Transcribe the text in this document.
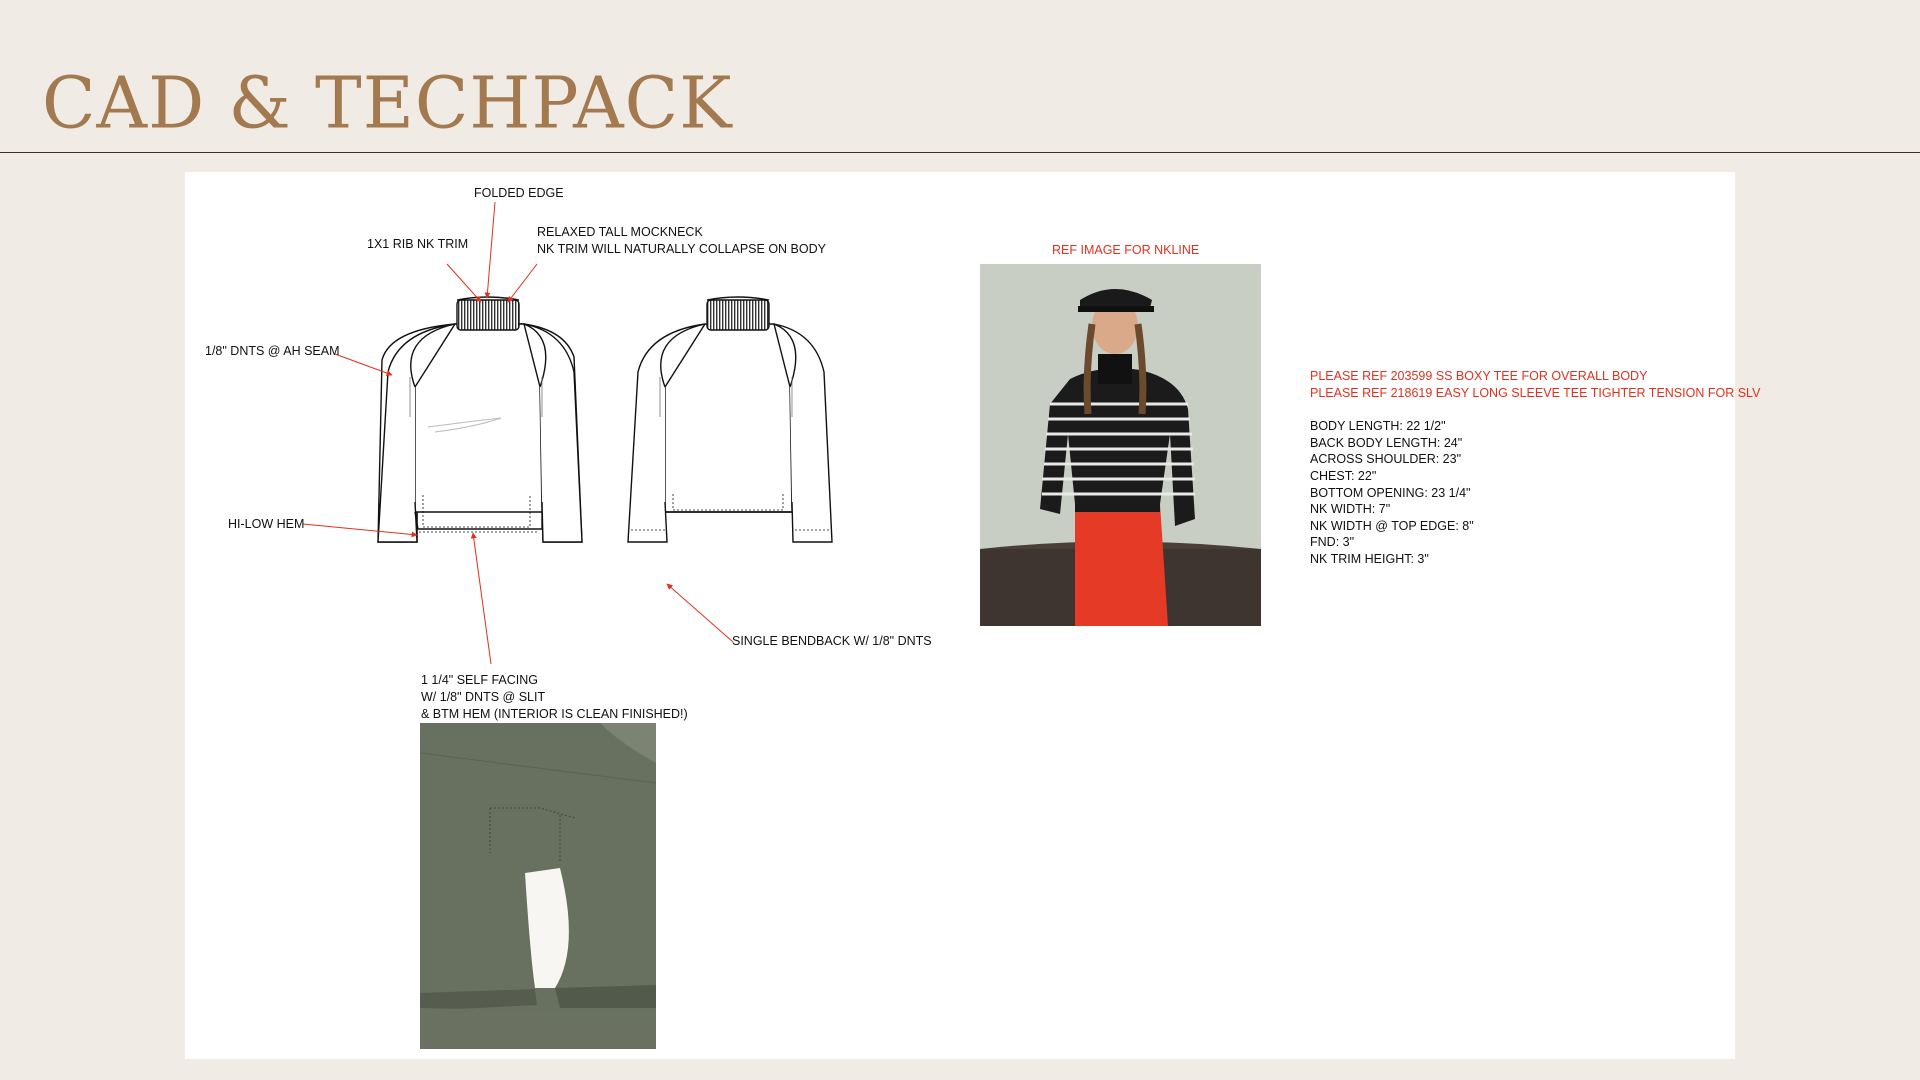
CAD & TECHPACK
FOLDED EDGE
1X1 RIB NK TRIM
RELAXED TALL MOCKNECK
NK TRIM WILL NATURALLY COLLAPSE ON BODY
1/8" DNTS @ AH SEAM
HI-LOW HEM
SINGLE BENDBACK W/ 1/8" DNTS
1 1/4" SELF FACING
W/ 1/8" DNTS @ SLIT
& BTM HEM (INTERIOR IS CLEAN FINISHED!)
REF IMAGE FOR NKLINE
PLEASE REF 203599 SS BOXY TEE FOR OVERALL BODY
PLEASE REF 218619 EASY LONG SLEEVE TEE TIGHTER TENSION FOR SLV
BODY LENGTH: 22 1/2"
BACK BODY LENGTH: 24"
ACROSS SHOULDER: 23"
CHEST: 22"
BOTTOM OPENING: 23 1/4"
NK WIDTH: 7"
NK WIDTH @ TOP EDGE: 8"
FND: 3"
NK TRIM HEIGHT: 3"
